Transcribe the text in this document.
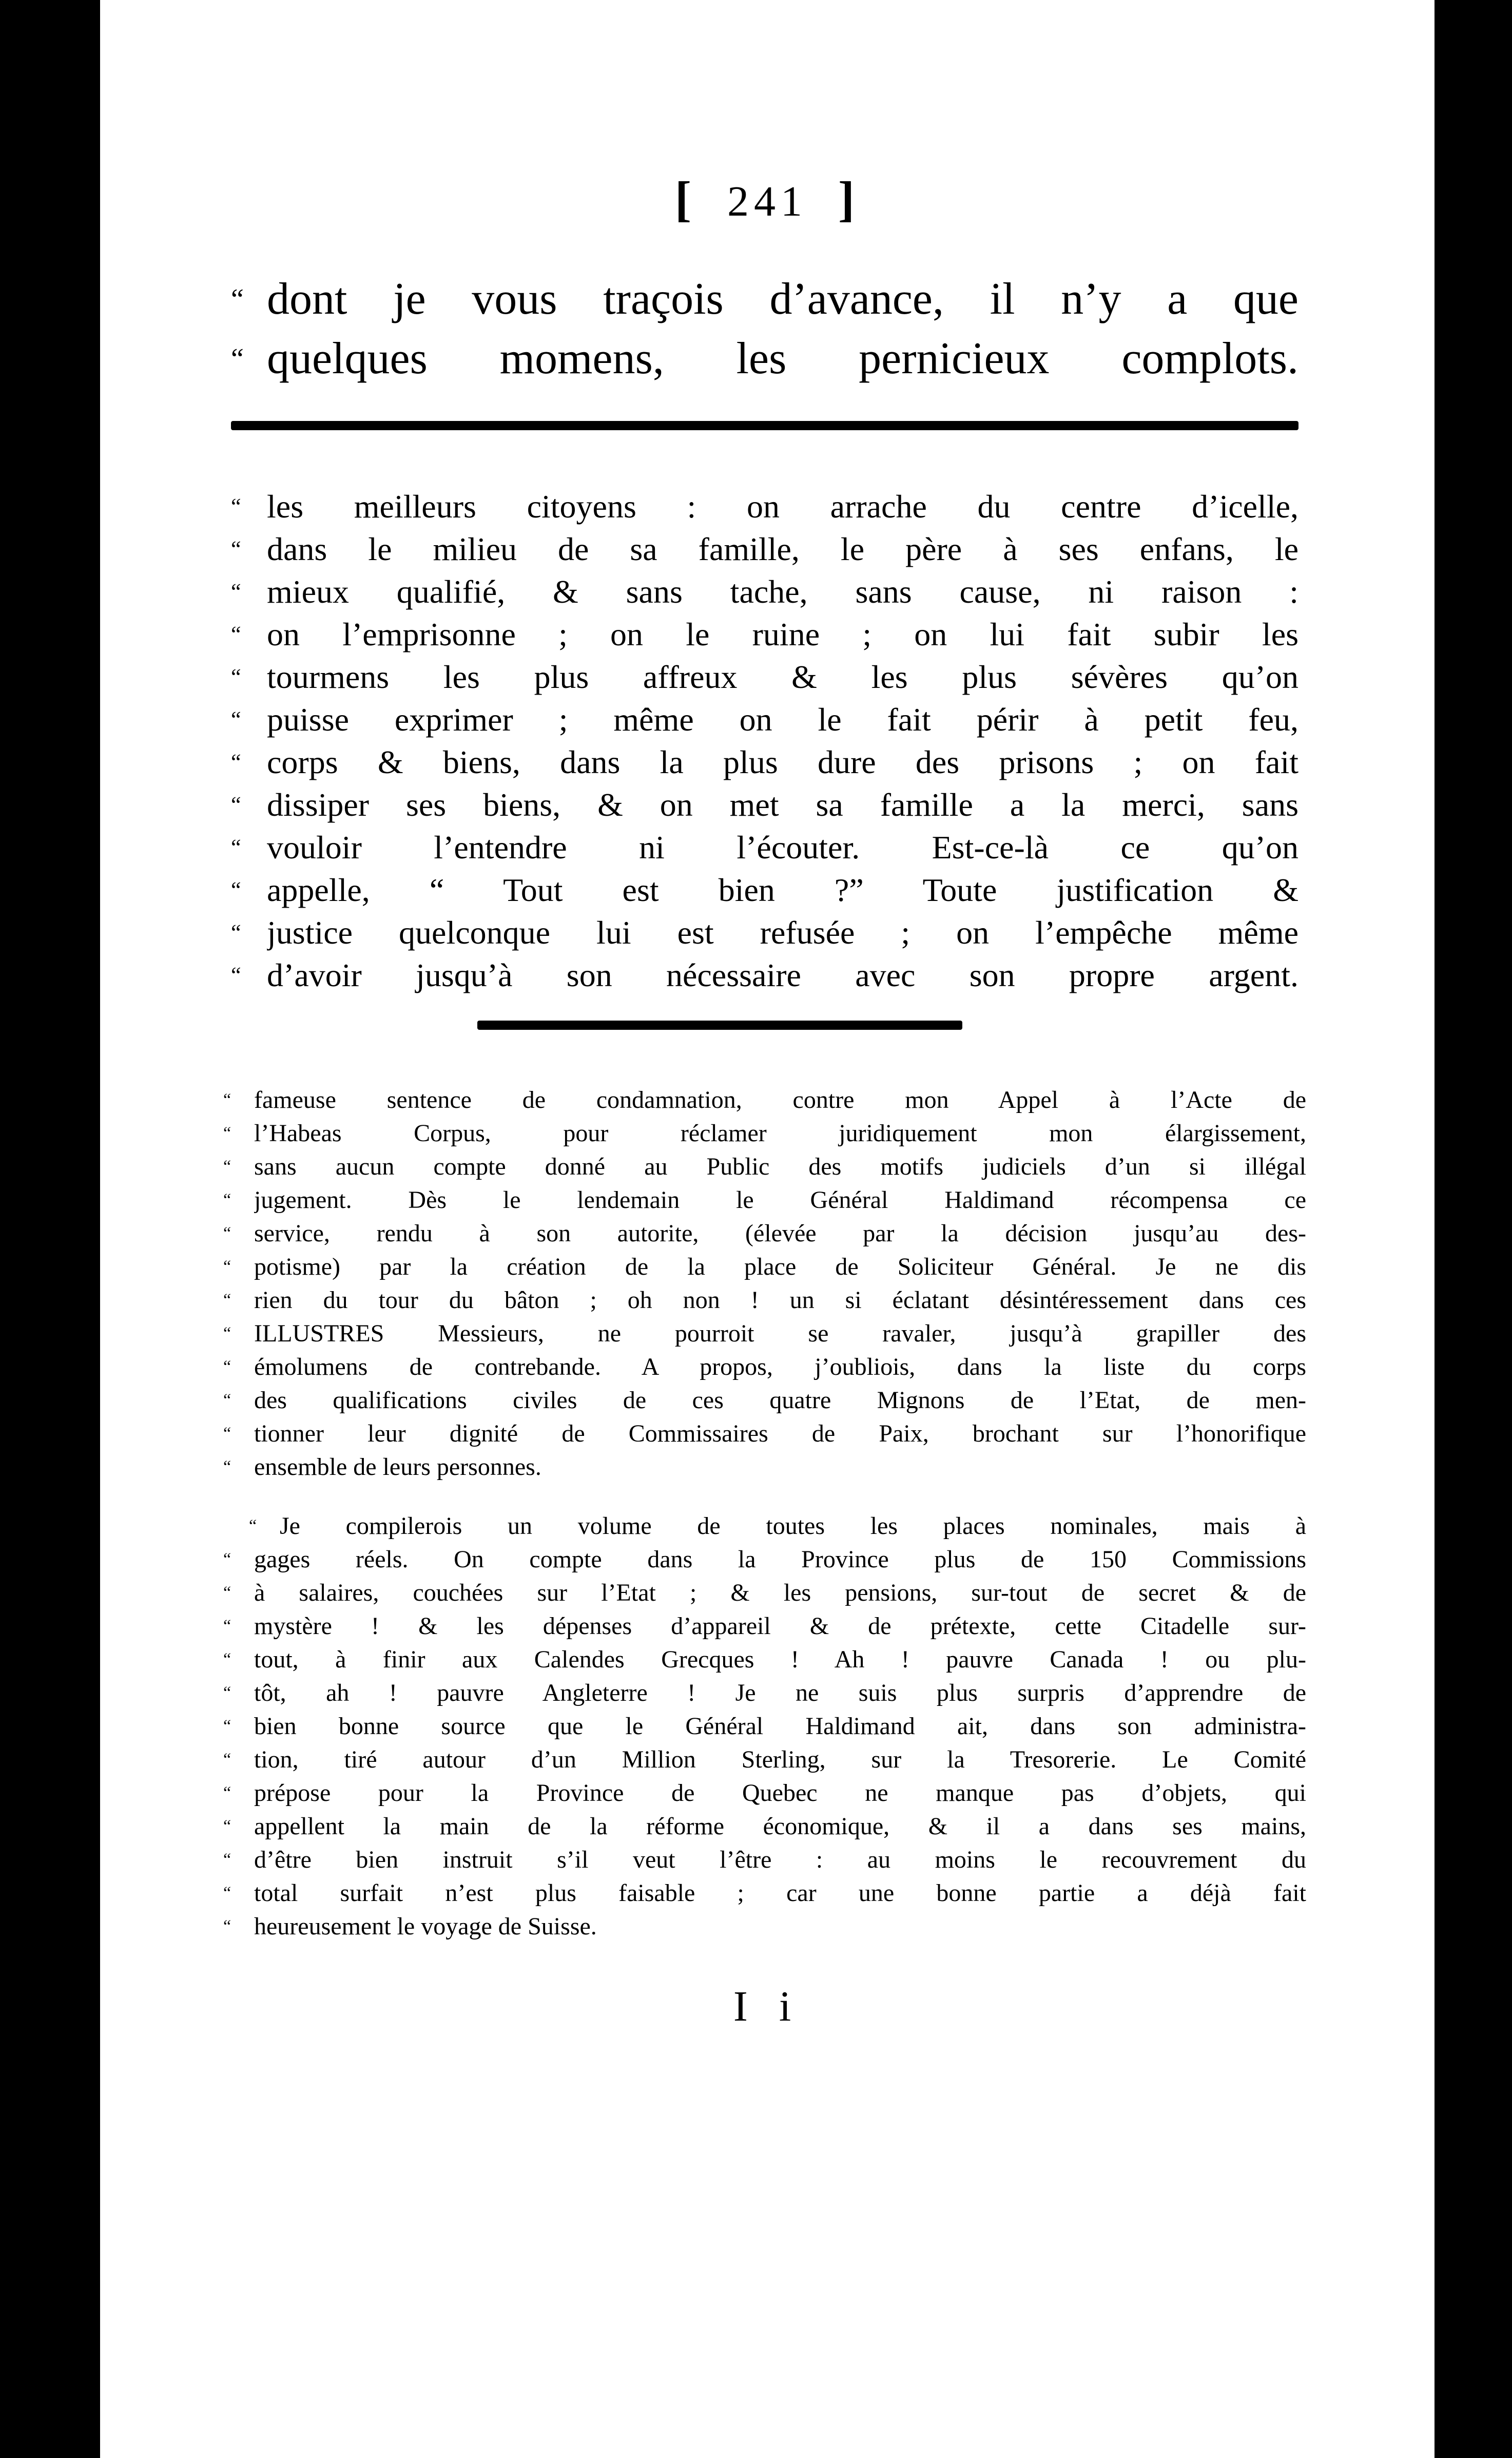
[ 241 ]
“ dont je vous traçois d’avance, il n’y a que
“ quelques momens, les pernicieux complots.
“ les meilleurs citoyens : on arrache du centre d’icelle,
“ dans le milieu de sa famille, le père à ses enfans, le
“ mieux qualifié, & sans tache, sans cause, ni raison :
“ on l’emprisonne ; on le ruine ; on lui fait subir les
“ tourmens les plus affreux & les plus sévères qu’on
“ puisse exprimer ; même on le fait périr à petit feu,
“ corps & biens, dans la plus dure des prisons ; on fait
“ dissiper ses biens, & on met sa famille a la merci, sans
“ vouloir l’entendre ni l’écouter. Est-ce-là ce qu’on
“ appelle, “ Tout est bien ?” Toute justification &
“ justice quelconque lui est refusée ; on l’empêche même
“ d’avoir jusqu’à son nécessaire avec son propre argent.
“ fameuse sentence de condamnation, contre mon Appel à l’Acte de
“ l’Habeas Corpus, pour réclamer juridiquement mon élargissement,
“ sans aucun compte donné au Public des motifs judiciels d’un si illégal
“ jugement. Dès le lendemain le Général Haldimand récompensa ce
“ service, rendu à son autorite, (élevée par la décision jusqu’au des-
“ potisme) par la création de la place de Soliciteur Général. Je ne dis
“ rien du tour du bâton ; oh non ! un si éclatant désintéressement dans ces
“ ILLUSTRES Messieurs, ne pourroit se ravaler, jusqu’à grapiller des
“ émolumens de contrebande. A propos, j’oubliois, dans la liste du corps
“ des qualifications civiles de ces quatre Mignons de l’Etat, de men-
“ tionner leur dignité de Commissaires de Paix, brochant sur l’honorifique
“ ensemble de leurs personnes.
“ Je compilerois un volume de toutes les places nominales, mais à
“ gages réels. On compte dans la Province plus de 150 Commissions
“ à salaires, couchées sur l’Etat ; & les pensions, sur-tout de secret & de
“ mystère ! & les dépenses d’appareil & de prétexte, cette Citadelle sur-
“ tout, à finir aux Calendes Grecques ! Ah ! pauvre Canada ! ou plu-
“ tôt, ah ! pauvre Angleterre ! Je ne suis plus surpris d’apprendre de
“ bien bonne source que le Général Haldimand ait, dans son administra-
“ tion, tiré autour d’un Million Sterling, sur la Tresorerie. Le Comité
“ prépose pour la Province de Quebec ne manque pas d’objets, qui
“ appellent la main de la réforme économique, & il a dans ses mains,
“ d’être bien instruit s’il veut l’être : au moins le recouvrement du
“ total surfait n’est plus faisable ; car une bonne partie a déjà fait
“ heureusement le voyage de Suisse.
I i
